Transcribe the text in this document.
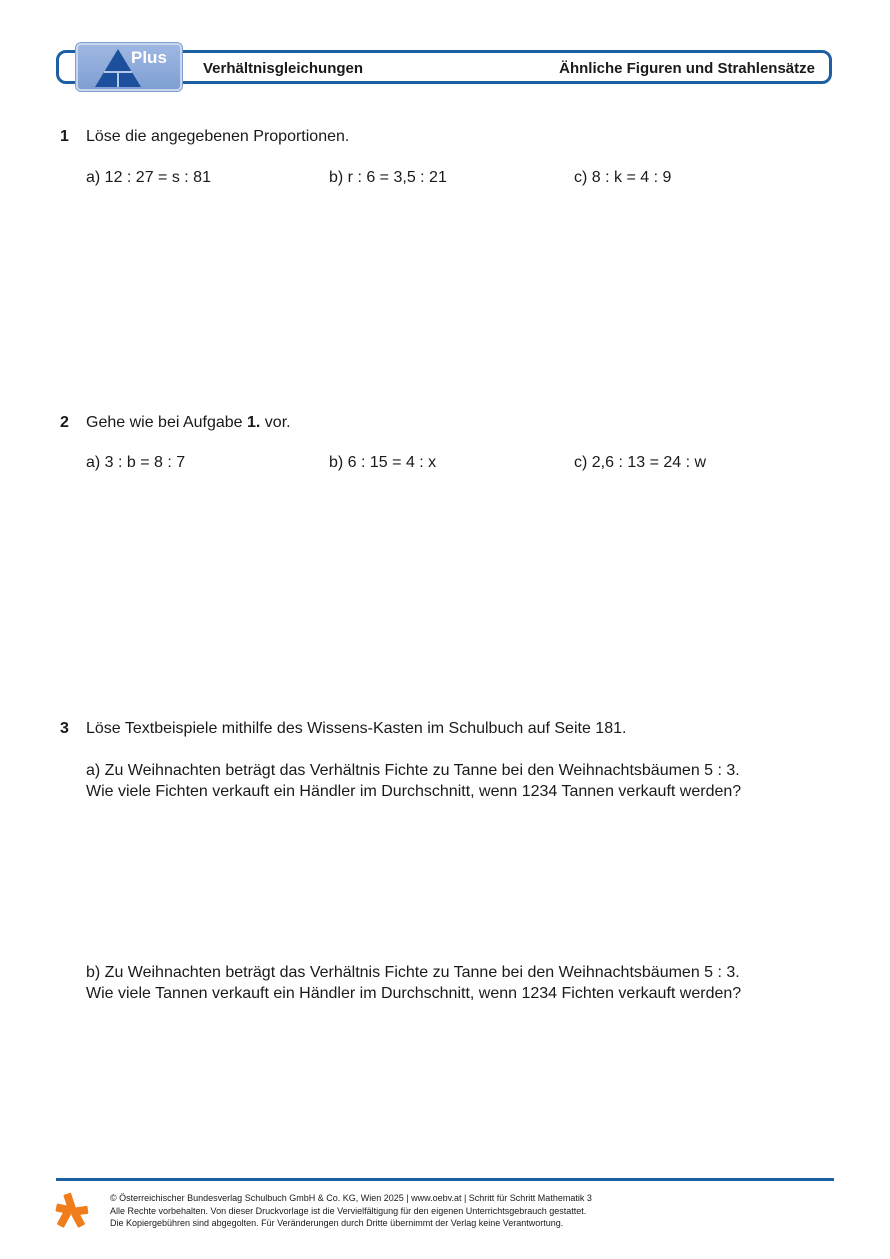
Plus
Verhältnisgleichungen	Ähnliche Figuren und Strahlensätze
1 Löse die angegebenen Proportionen.
a) 12 : 27 = s : 81	b) r : 6 = 3,5 : 21	c) 8 : k = 4 : 9
2 Gehe wie bei Aufgabe 1. vor.
a) 3 : b = 8 : 7	b) 6 : 15 = 4 : x	c) 2,6 : 13 = 24 : w
3 Löse Textbeispiele mithilfe des Wissens-Kasten im Schulbuch auf Seite 181.
a) Zu Weihnachten beträgt das Verhältnis Fichte zu Tanne bei den Weihnachtsbäumen 5 : 3.
Wie viele Fichten verkauft ein Händler im Durchschnitt, wenn 1234 Tannen verkauft werden?
b) Zu Weihnachten beträgt das Verhältnis Fichte zu Tanne bei den Weihnachtsbäumen 5 : 3.
Wie viele Tannen verkauft ein Händler im Durchschnitt, wenn 1234 Fichten verkauft werden?
© Österreichischer Bundesverlag Schulbuch GmbH & Co. KG, Wien 2025 | www.oebv.at | Schritt für Schritt Mathematik 3
Alle Rechte vorbehalten. Von dieser Druckvorlage ist die Vervielfältigung für den eigenen Unterrichtsgebrauch gestattet.
Die Kopiergebühren sind abgegolten. Für Veränderungen durch Dritte übernimmt der Verlag keine Verantwortung.
